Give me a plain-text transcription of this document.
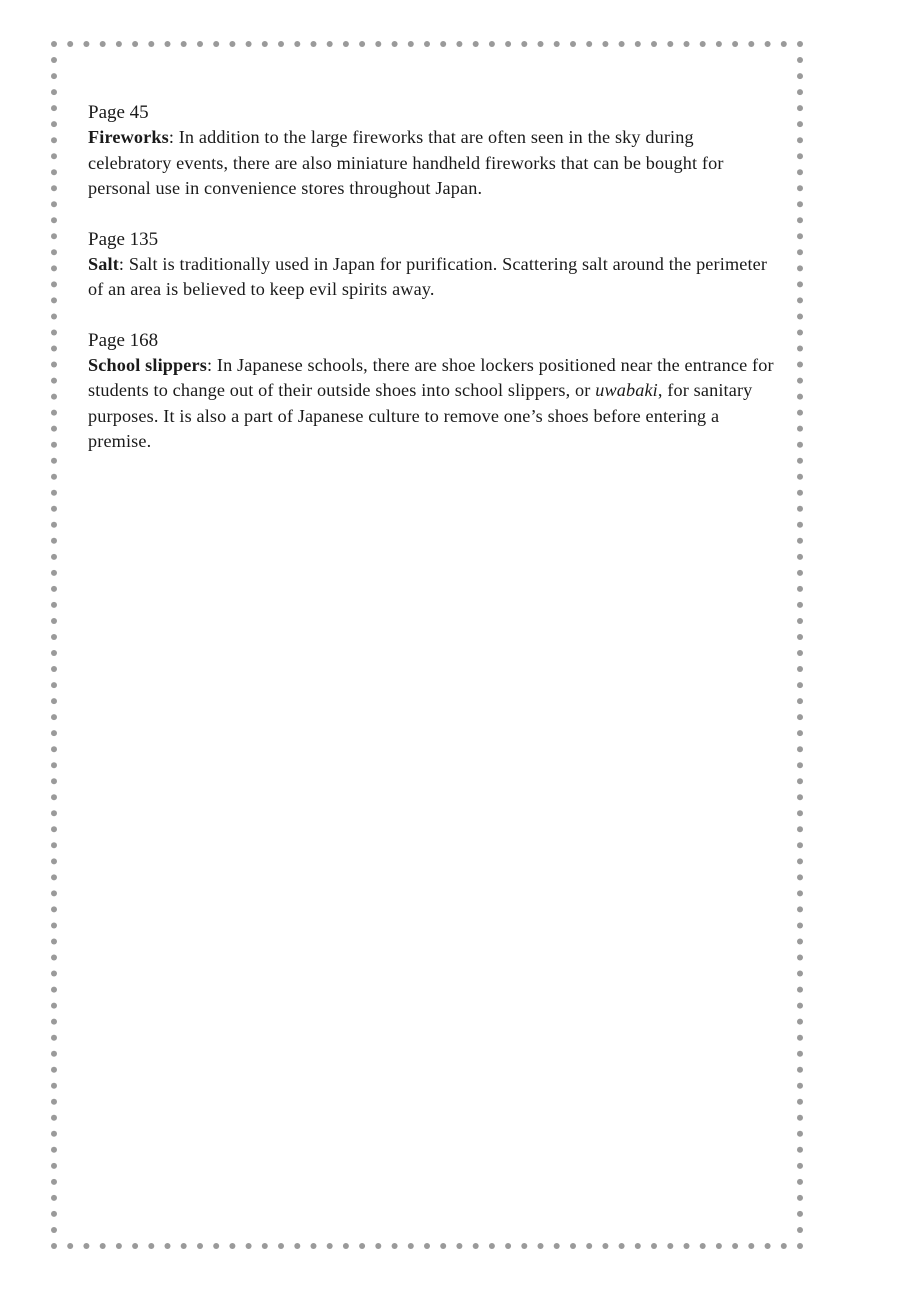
Page 45

Fireworks: In addition to the large fireworks that are often seen in the sky during celebratory events, there are also miniature handheld fireworks that can be bought for personal use in convenience stores throughout Japan.

Page 135

Salt: Salt is traditionally used in Japan for purification. Scattering salt around the perimeter of an area is believed to keep evil spirits away.

Page 168

School slippers: In Japanese schools, there are shoe lockers positioned near the entrance for students to change out of their outside shoes into school slippers, or uwabaki, for sanitary purposes. It is also a part of Japanese culture to remove one’s shoes before entering a premise.
